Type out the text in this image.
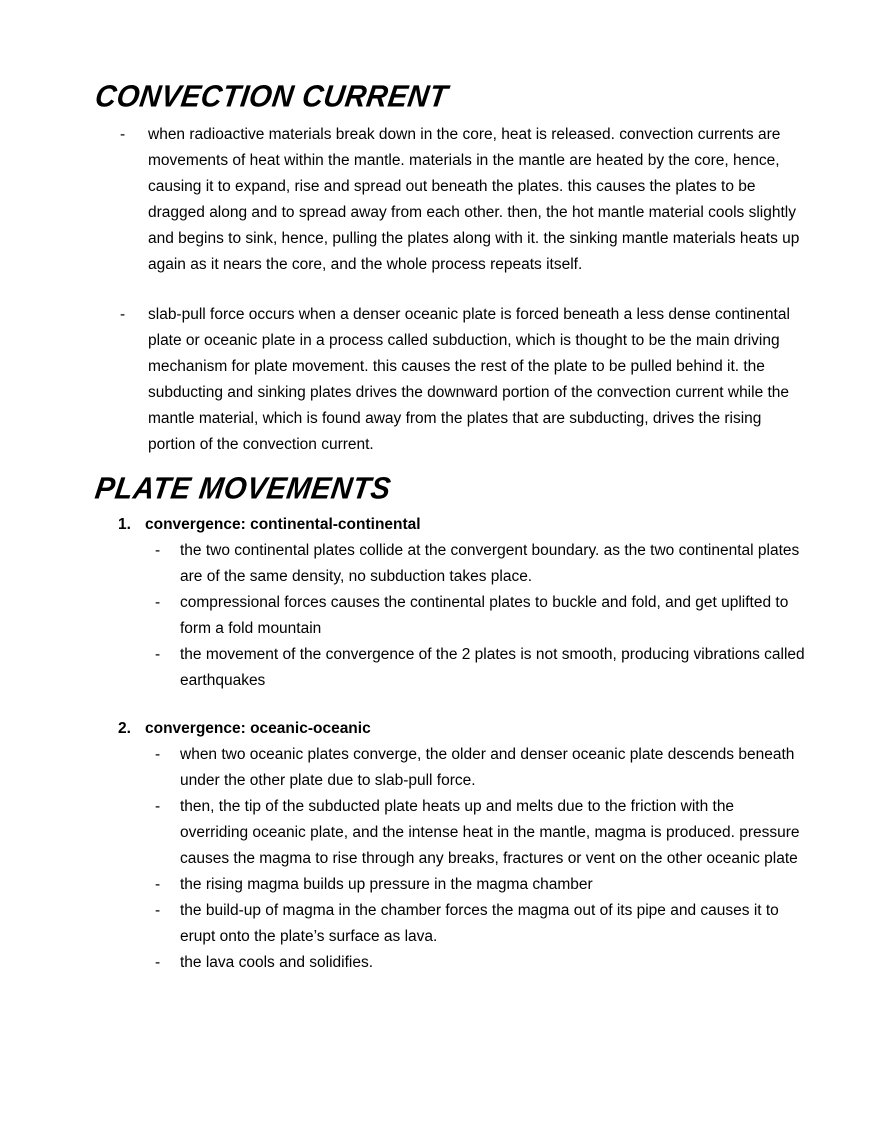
CONVECTION CURRENT
-	when radioactive materials break down in the core, heat is released. convection currents are movements of heat within the mantle. materials in the mantle are heated by the core, hence, causing it to expand, rise and spread out beneath the plates. this causes the plates to be dragged along and to spread away from each other. then, the hot mantle material cools slightly and begins to sink, hence, pulling the plates along with it. the sinking mantle materials heats up again as it nears the core, and the whole process repeats itself.
-	slab-pull force occurs when a denser oceanic plate is forced beneath a less dense continental plate or oceanic plate in a process called subduction, which is thought to be the main driving mechanism for plate movement. this causes the rest of the plate to be pulled behind it. the subducting and sinking plates drives the downward portion of the convection current while the mantle material, which is found away from the plates that are subducting, drives the rising portion of the convection current.
PLATE MOVEMENTS
1. convergence: continental-continental
-	the two continental plates collide at the convergent boundary. as the two continental plates are of the same density, no subduction takes place.
-	compressional forces causes the continental plates to buckle and fold, and get uplifted to form a fold mountain
-	the movement of the convergence of the 2 plates is not smooth, producing vibrations called earthquakes
2. convergence: oceanic-oceanic
-	when two oceanic plates converge, the older and denser oceanic plate descends beneath under the other plate due to slab-pull force.
-	then, the tip of the subducted plate heats up and melts due to the friction with the overriding oceanic plate, and the intense heat in the mantle, magma is produced. pressure causes the magma to rise through any breaks, fractures or vent on the other oceanic plate
-	the rising magma builds up pressure in the magma chamber
-	the build-up of magma in the chamber forces the magma out of its pipe and causes it to erupt onto the plate’s surface as lava.
-	the lava cools and solidifies.
